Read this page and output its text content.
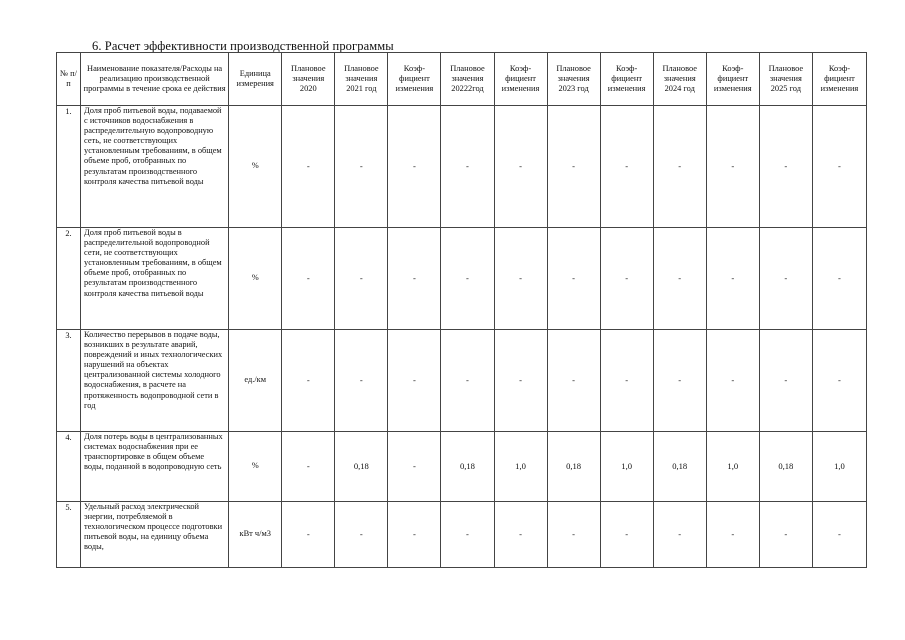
6. Расчет эффективности производственной программы
№ п/п	Наименование показателя/Расходы на реализацию производственной программы в течение срока ее действия	Единица измерения	Плановое значения 2020	Плановое значения 2021 год	Коэф-фициент изменения	Плановое значения 20222год	Коэф-фициент изменения	Плановое значения 2023 год	Коэф-фициент изменения	Плановое значения 2024 год	Коэф-фициент изменения	Плановое значения 2025 год	Коэф-фициент изменения
1.	Доля проб питьевой воды, подаваемой с источников водоснабжения в распределительную водопроводную сеть, не соответствующих установленным требованиям, в общем объеме проб, отобранных по результатам производственного контроля качества питьевой воды	%	-	-	-	-	-	-	-	-	-	-	-
2.	Доля проб питьевой воды в распределительной водопроводной сети, не соответствующих установленным требованиям, в общем объеме проб, отобранных по результатам производственного контроля качества питьевой воды	%	-	-	-	-	-	-	-	-	-	-	-
3.	Количество перерывов в подаче воды, возникших в результате аварий, повреждений и иных технологических нарушений на объектах централизованной системы холодного водоснабжения, в расчете на протяженность водопроводной сети в год	ед./км	-	-	-	-	-	-	-	-	-	-	-
4.	Доля потерь воды в централизованных системах водоснабжения при ее транспортировке в общем объеме воды, поданной в водопроводную сеть	%	-	0,18	-	0,18	1,0	0,18	1,0	0,18	1,0	0,18	1,0
5.	Удельный расход электрической энергии, потребляемой в технологическом процессе подготовки питьевой воды, на единицу объема воды,	кВт ч/м3	-	-	-	-	-	-	-	-	-	-	-
